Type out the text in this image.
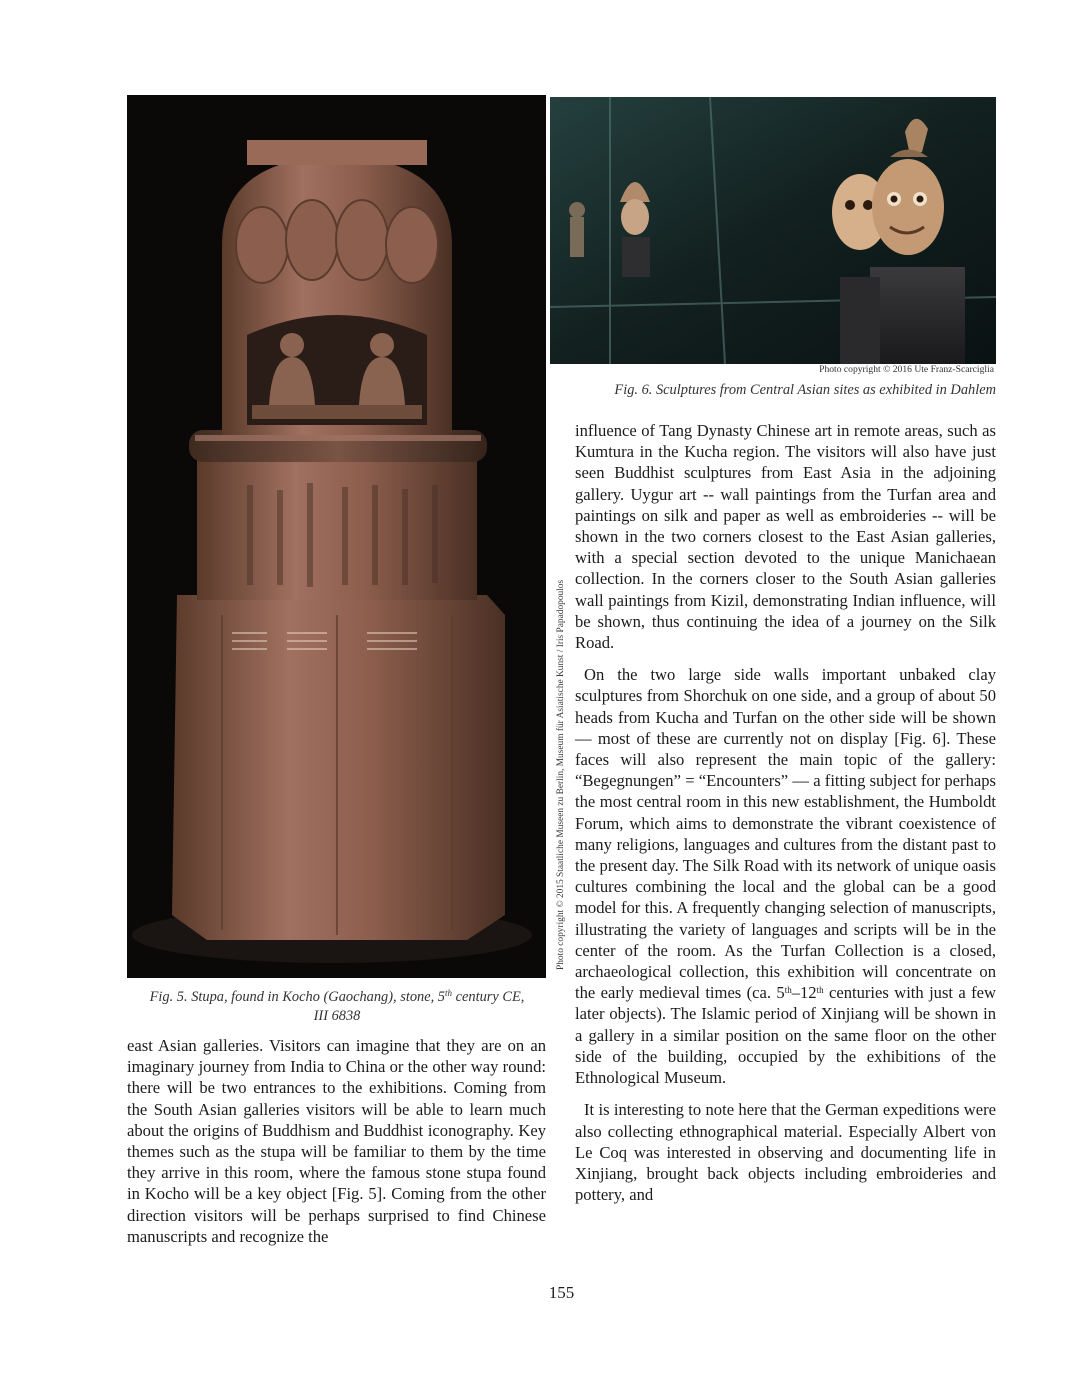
Photo copyright © 2015 Staatliche Museen zu Berlin, Museum für Asiatische Kunst / Iris Papadopoulos
Fig. 5. Stupa, found in Kocho (Gaochang), stone, 5th century CE,
III 6838
Photo copyright © 2016 Ute Franz-Scarciglia
Fig. 6. Sculptures from Central Asian sites as exhibited in Dahlem

east Asian galleries. Visitors can imagine that they are on an imaginary journey from India to China or the other way round: there will be two entrances to the exhibitions. Coming from the South Asian galleries visitors will be able to learn much about the origins of Buddhism and Buddhist iconography. Key themes such as the stupa will be familiar to them by the time they arrive in this room, where the famous stone stupa found in Kocho will be a key object [Fig. 5]. Coming from the other direction visitors will be perhaps surprised to find Chinese manuscripts and recognize the

influence of Tang Dynasty Chinese art in remote areas, such as Kumtura in the Kucha region. The visitors will also have just seen Buddhist sculptures from East Asia in the adjoining gallery. Uygur art -- wall paintings from the Turfan area and paintings on silk and paper as well as embroideries -- will be shown in the two corners closest to the East Asian galleries, with a special section devoted to the unique Manichaean collection. In the corners closer to the South Asian galleries wall paintings from Kizil, demonstrating Indian influence, will be shown, thus continuing the idea of a journey on the Silk Road.

On the two large side walls important unbaked clay sculptures from Shorchuk on one side, and a group of about 50 heads from Kucha and Turfan on the other side will be shown — most of these are currently not on display [Fig. 6]. These faces will also represent the main topic of the gallery: “Begegnungen” = “Encounters” — a fitting subject for perhaps the most central room in this new establishment, the Humboldt Forum, which aims to demonstrate the vibrant coexistence of many religions, languages and cultures from the distant past to the present day. The Silk Road with its network of unique oasis cultures combining the local and the global can be a good model for this. A frequently changing selection of manuscripts, illustrating the variety of languages and scripts will be in the center of the room. As the Turfan Collection is a closed, archaeological collection, this exhibition will concentrate on the early medieval times (ca. 5th–12th centuries with just a few later objects). The Islamic period of Xinjiang will be shown in a gallery in a similar position on the same floor on the other side of the building, occupied by the exhibitions of the Ethnological Museum.

It is interesting to note here that the German expeditions were also collecting ethnographical material. Especially Albert von Le Coq was interested in observing and documenting life in Xinjiang, brought back objects including embroideries and pottery, and

155
